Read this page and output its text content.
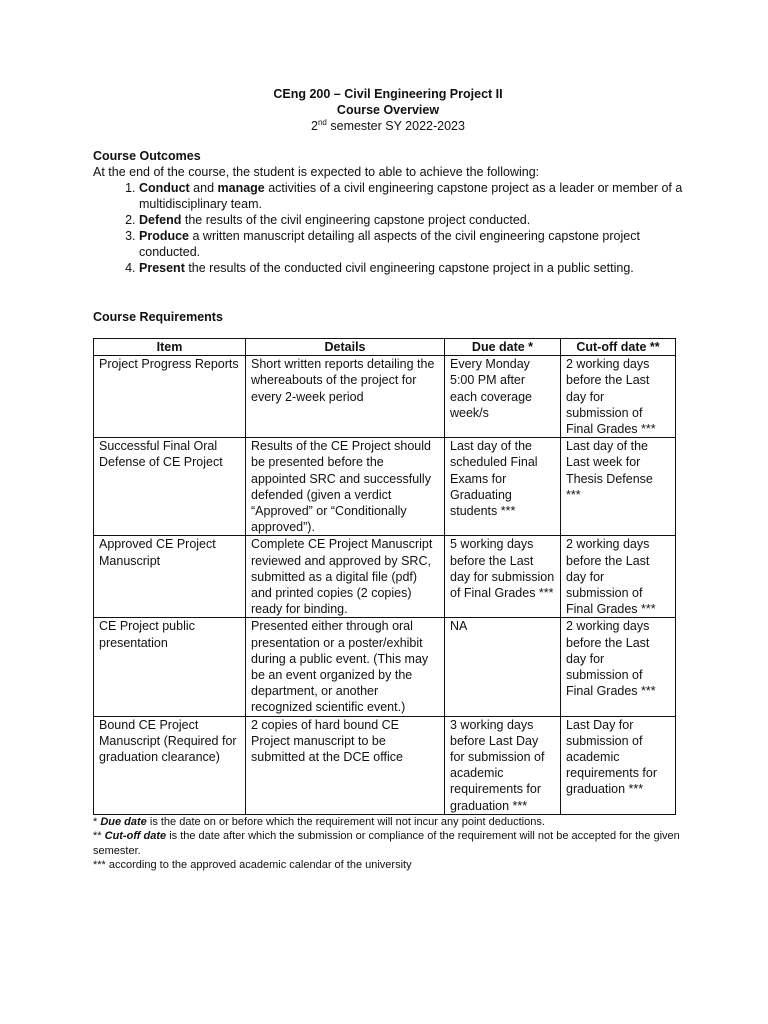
CEng 200 – Civil Engineering Project II
Course Overview
2nd semester SY 2022-2023
Course Outcomes
At the end of the course, the student is expected to able to achieve the following:
1. Conduct and manage activities of a civil engineering capstone project as a leader or member of a multidisciplinary team.
2. Defend the results of the civil engineering capstone project conducted.
3. Produce a written manuscript detailing all aspects of the civil engineering capstone project conducted.
4. Present the results of the conducted civil engineering capstone project in a public setting.
Course Requirements
Item	Details	Due date *	Cut-off date **
Project Progress Reports	Short written reports detailing the whereabouts of the project for every 2-week period	Every Monday 5:00 PM after each coverage week/s	2 working days before the Last day for submission of Final Grades ***
Successful Final Oral Defense of CE Project	Results of the CE Project should be presented before the appointed SRC and successfully defended (given a verdict “Approved” or “Conditionally approved”).	Last day of the scheduled Final Exams for Graduating students ***	Last day of the Last week for Thesis Defense ***
Approved CE Project Manuscript	Complete CE Project Manuscript reviewed and approved by SRC, submitted as a digital file (pdf) and printed copies (2 copies) ready for binding.	5 working days before the Last day for submission of Final Grades ***	2 working days before the Last day for submission of Final Grades ***
CE Project public presentation	Presented either through oral presentation or a poster/exhibit during a public event. (This may be an event organized by the department, or another recognized scientific event.)	NA	2 working days before the Last day for submission of Final Grades ***
Bound CE Project Manuscript (Required for graduation clearance)	2 copies of hard bound CE Project manuscript to be submitted at the DCE office	3 working days before Last Day for submission of academic requirements for graduation ***	Last Day for submission of academic requirements for graduation ***
* Due date is the date on or before which the requirement will not incur any point deductions.
** Cut-off date is the date after which the submission or compliance of the requirement will not be accepted for the given semester.
*** according to the approved academic calendar of the university
